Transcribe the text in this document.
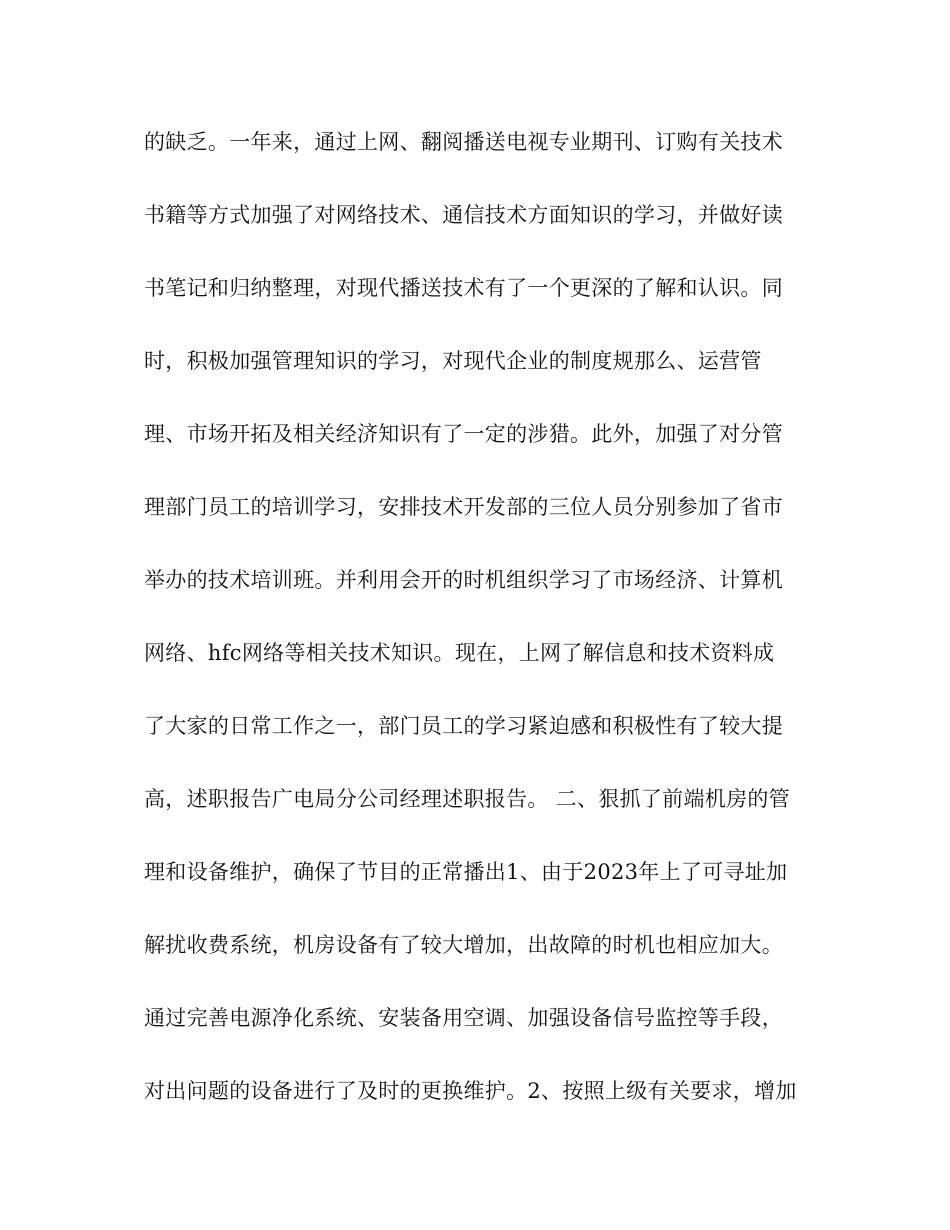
的缺乏。一年来，通过上网、翻阅播送电视专业期刊、订购有关技术
书籍等方式加强了对网络技术、通信技术方面知识的学习，并做好读
书笔记和归纳整理，对现代播送技术有了一个更深的了解和认识。同
时，积极加强管理知识的学习，对现代企业的制度规那么、运营管
理、市场开拓及相关经济知识有了一定的涉猎。此外，加强了对分管
理部门员工的培训学习，安排技术开发部的三位人员分别参加了省市
举办的技术培训班。并利用会开的时机组织学习了市场经济、计算机
网络、hfc网络等相关技术知识。现在，上网了解信息和技术资料成
了大家的日常工作之一，部门员工的学习紧迫感和积极性有了较大提
高，述职报告广电局分公司经理述职报告。 二、狠抓了前端机房的管
理和设备维护，确保了节目的正常播出1、由于2023年上了可寻址加
解扰收费系统，机房设备有了较大增加，出故障的时机也相应加大。
通过完善电源净化系统、安装备用空调、加强设备信号监控等手段，
对出问题的设备进行了及时的更换维护。2、按照上级有关要求，增加
